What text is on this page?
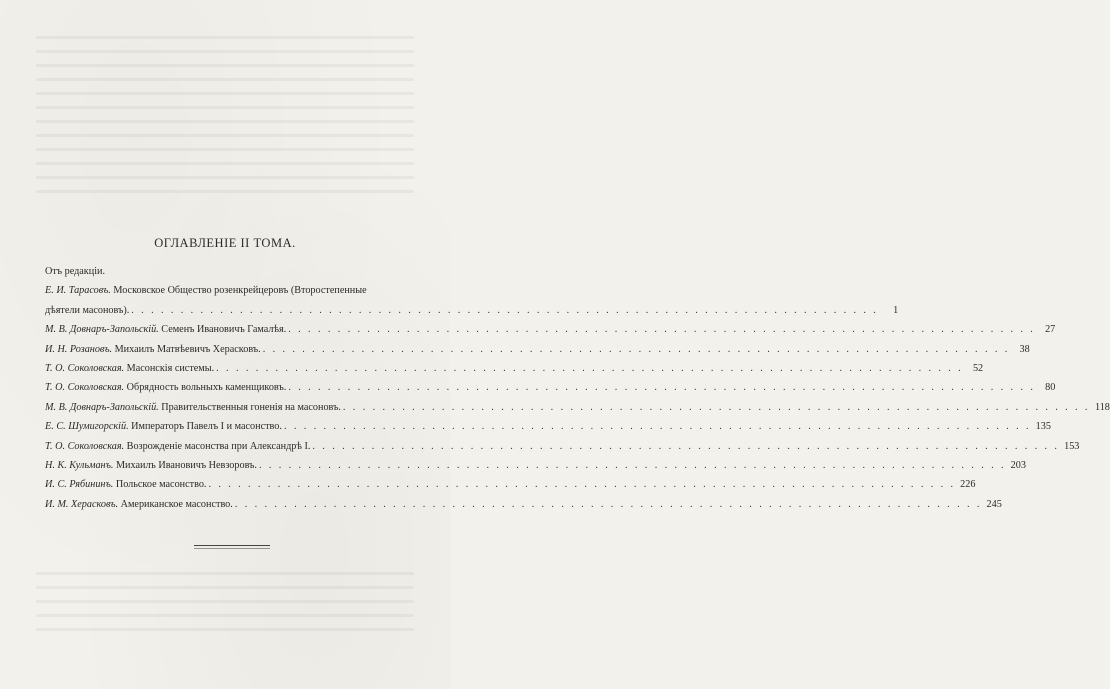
ОГЛАВЛЕНІЕ II ТОМА.
Отъ редакціи.
Е. И. Тарасовъ. Московское Общество розенкрейцеровъ (Второстепенные
дѣятели масоновъ). . . .	1
М. В. Довнаръ-Запольскій. Семенъ Ивановичъ Гамалѣя. . . .	27
И. Н. Розановъ. Михаилъ Матвѣевичъ Херасковъ. . . .	38
Т. О. Соколовская. Масонскія системы. . . .	52
Т. О. Соколовская. Обрядность вольныхъ каменщиковъ. . . .	80
М. В. Довнаръ-Запольскій. Правительственныя гоненія на масоновъ. . . .	118
Е. С. Шумигорскій. Императоръ Павелъ I и масонство. . . .	135
Т. О. Соколовская. Возрожденіе масонства при Александрѣ I. . . .	153
Н. К. Кульманъ. Михаилъ Ивановичъ Невзоровъ. . . .	203
И. С. Рябининъ. Польское масонство. . . .	226
И. М. Херасковъ. Американское масонство. . . .	245
